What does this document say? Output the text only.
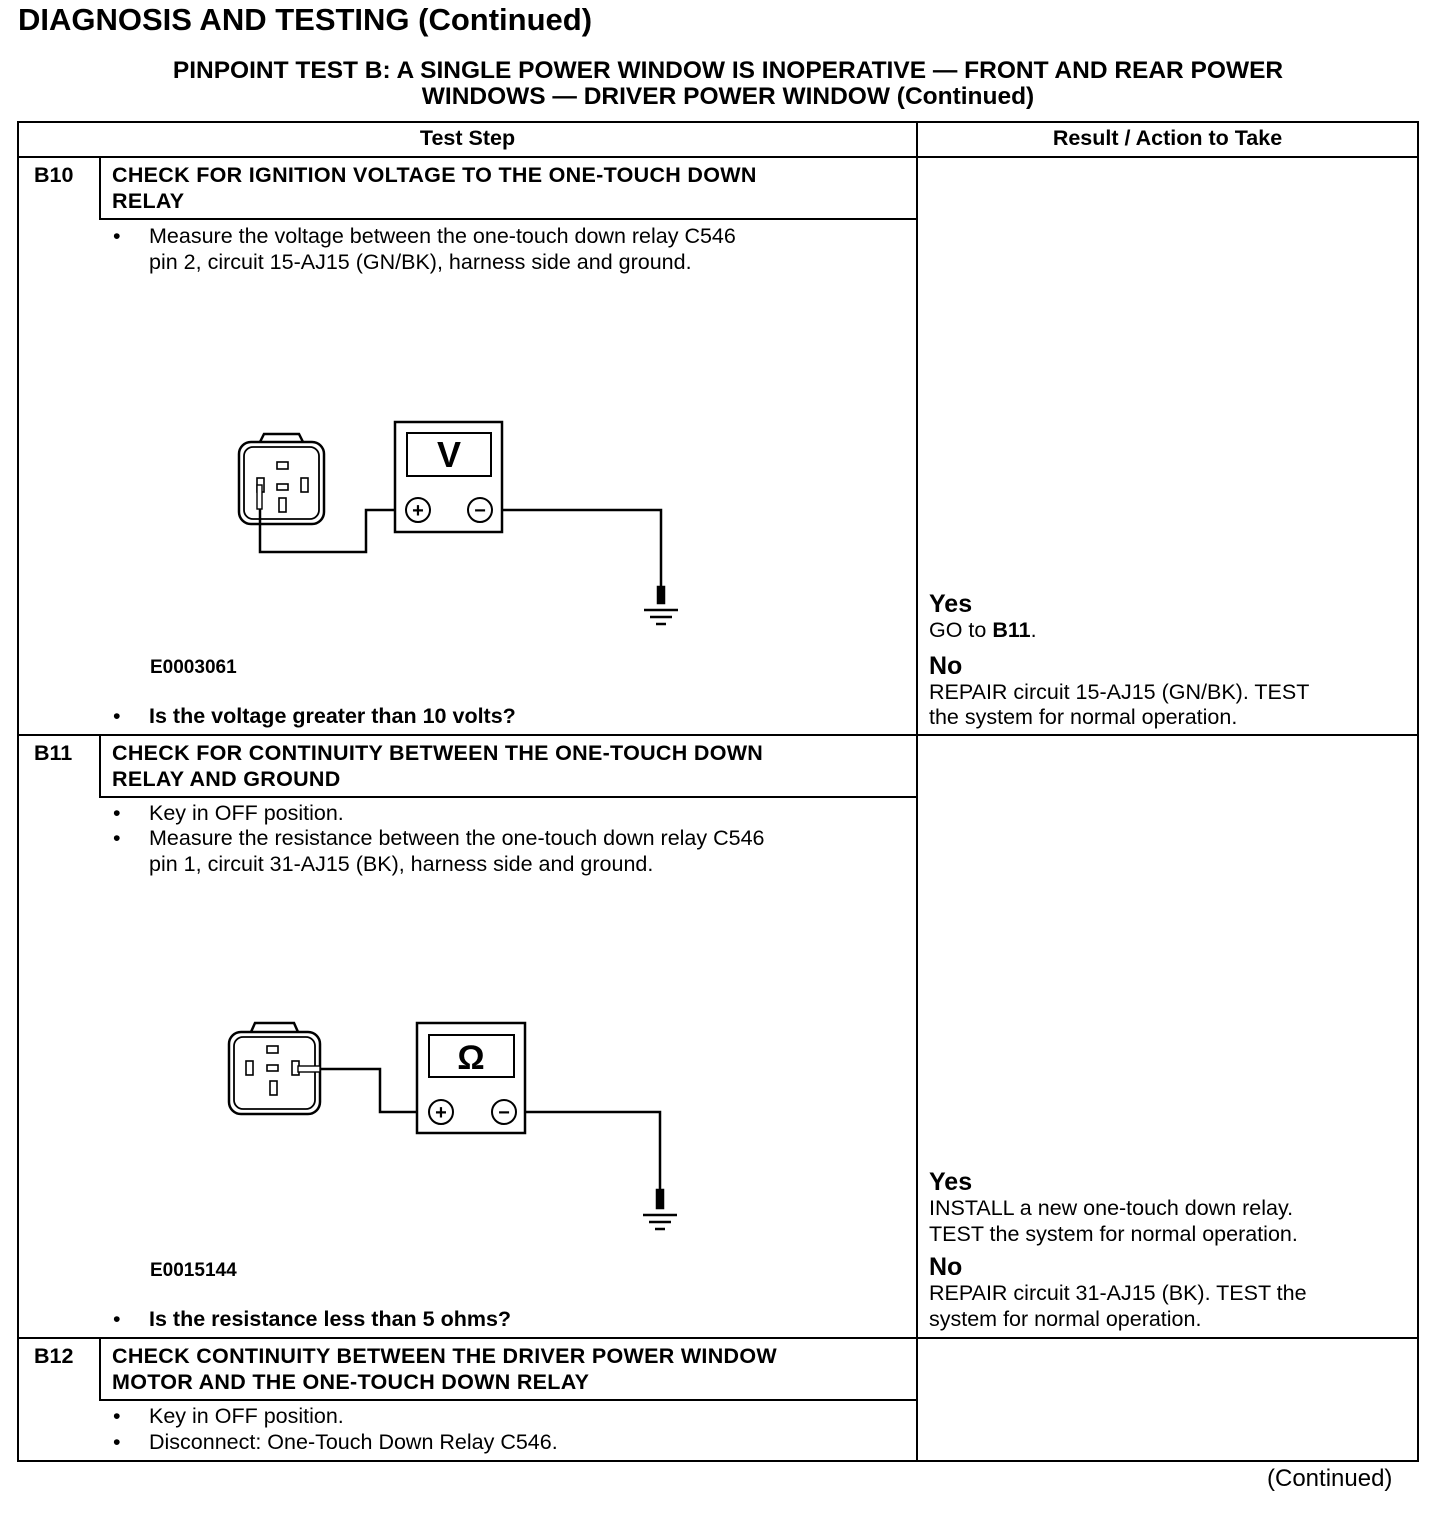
DIAGNOSIS AND TESTING (Continued)
PINPOINT TEST B: A SINGLE POWER WINDOW IS INOPERATIVE — FRONT AND REAR POWER
WINDOWS — DRIVER POWER WINDOW (Continued)
Test Step	Result / Action to Take
B10 CHECK FOR IGNITION VOLTAGE TO THE ONE-TOUCH DOWN
RELAY
• Measure the voltage between the one-touch down relay C546
pin 2, circuit 15-AJ15 (GN/BK), harness side and ground.
V
+	−
E0003061
• Is the voltage greater than 10 volts?
Yes
GO to B11.
No
REPAIR circuit 15-AJ15 (GN/BK). TEST
the system for normal operation.
B11 CHECK FOR CONTINUITY BETWEEN THE ONE-TOUCH DOWN
RELAY AND GROUND
• Key in OFF position.
• Measure the resistance between the one-touch down relay C546
pin 1, circuit 31-AJ15 (BK), harness side and ground.
Ω
+	−
E0015144
• Is the resistance less than 5 ohms?
Yes
INSTALL a new one-touch down relay.
TEST the system for normal operation.
No
REPAIR circuit 31-AJ15 (BK). TEST the
system for normal operation.
B12 CHECK CONTINUITY BETWEEN THE DRIVER POWER WINDOW
MOTOR AND THE ONE-TOUCH DOWN RELAY
• Key in OFF position.
• Disconnect: One-Touch Down Relay C546.
(Continued)
